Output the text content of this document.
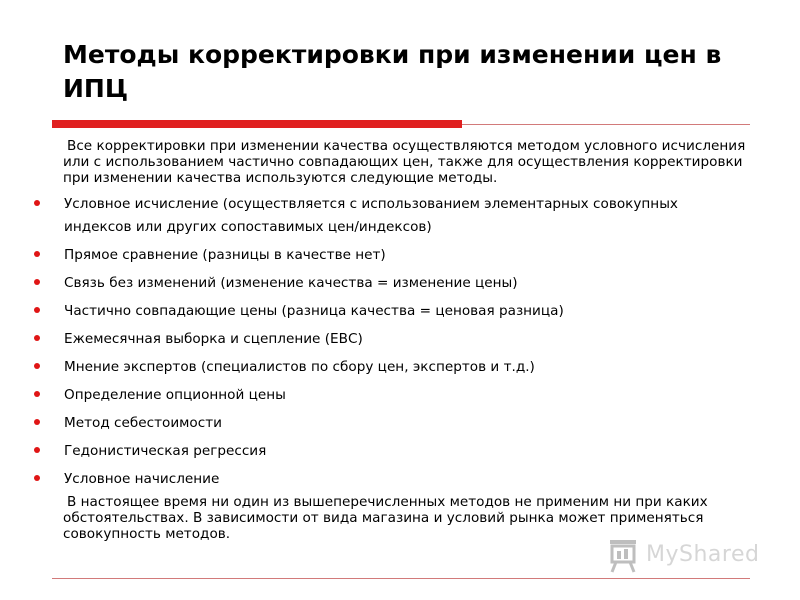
Методы корректировки при изменении цен в ИПЦ

Все корректировки при изменении качества осуществляются методом условного исчисления или с использованием частично совпадающих цен, также для осуществления корректировки при изменении качества используются следующие методы.

Условное исчисление (осуществляется с использованием элементарных совокупных индексов или других сопоставимых цен/индексов)
Прямое сравнение (разницы в качестве нет)
Связь без изменений (изменение качества = изменение цены)
Частично совпадающие цены (разница качества = ценовая разница)
Ежемесячная выборка и сцепление (ЕВС)
Мнение экспертов (специалистов по сбору цен, экспертов и т.д.)
Определение опционной цены
Метод себестоимости
Гедонистическая регрессия
Условное начисление

В настоящее время ни один из вышеперечисленных методов не применим ни при каких обстоятельствах. В зависимости от вида магазина и условий рынка может применяться совокупность методов.

MyShared
